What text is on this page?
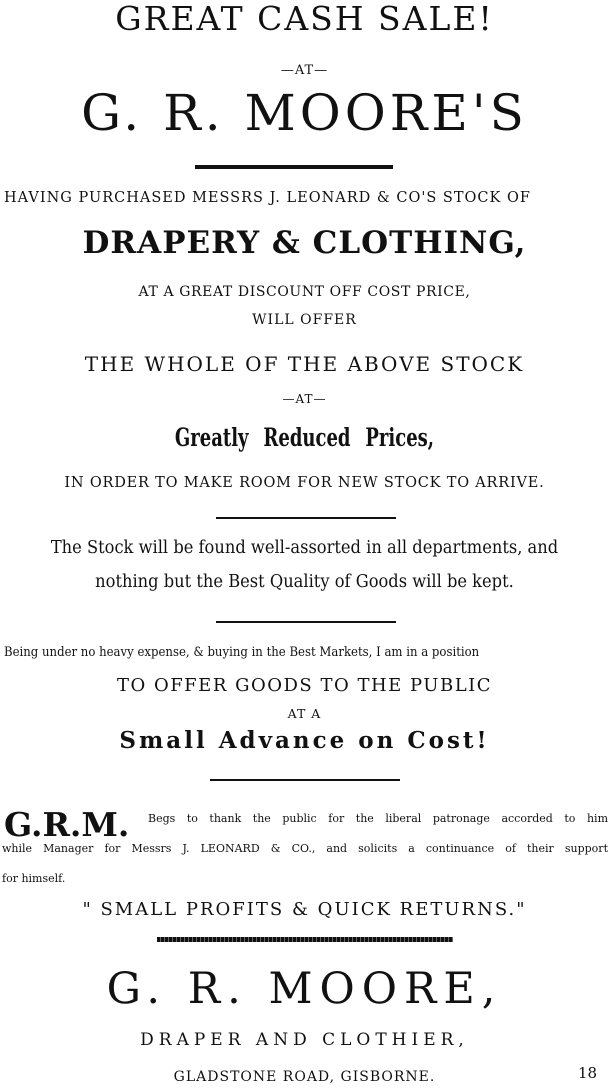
GREAT CASH SALE!
—AT—
G. R. MOORE'S
HAVING PURCHASED MESSRS J. LEONARD & CO'S STOCK OF
DRAPERY & CLOTHING,
AT A GREAT DISCOUNT OFF COST PRICE,
WILL OFFER
THE WHOLE OF THE ABOVE STOCK
—AT—
Greatly Reduced Prices,
IN ORDER TO MAKE ROOM FOR NEW STOCK TO ARRIVE.
The Stock will be found well-assorted in all departments, and
nothing but the Best Quality of Goods will be kept.
Being under no heavy expense, & buying in the Best Markets, I am in a position
TO OFFER GOODS TO THE PUBLIC
AT A
Small Advance on Cost!
G.R.M. Begs to thank the public for the liberal patronage accorded to him
while Manager for Messrs J. LEONARD & CO., and solicits a continuance of their support
for himself.
" SMALL PROFITS & QUICK RETURNS."
G. R. MOORE,
DRAPER AND CLOTHIER,
GLADSTONE ROAD, GISBORNE.	18
